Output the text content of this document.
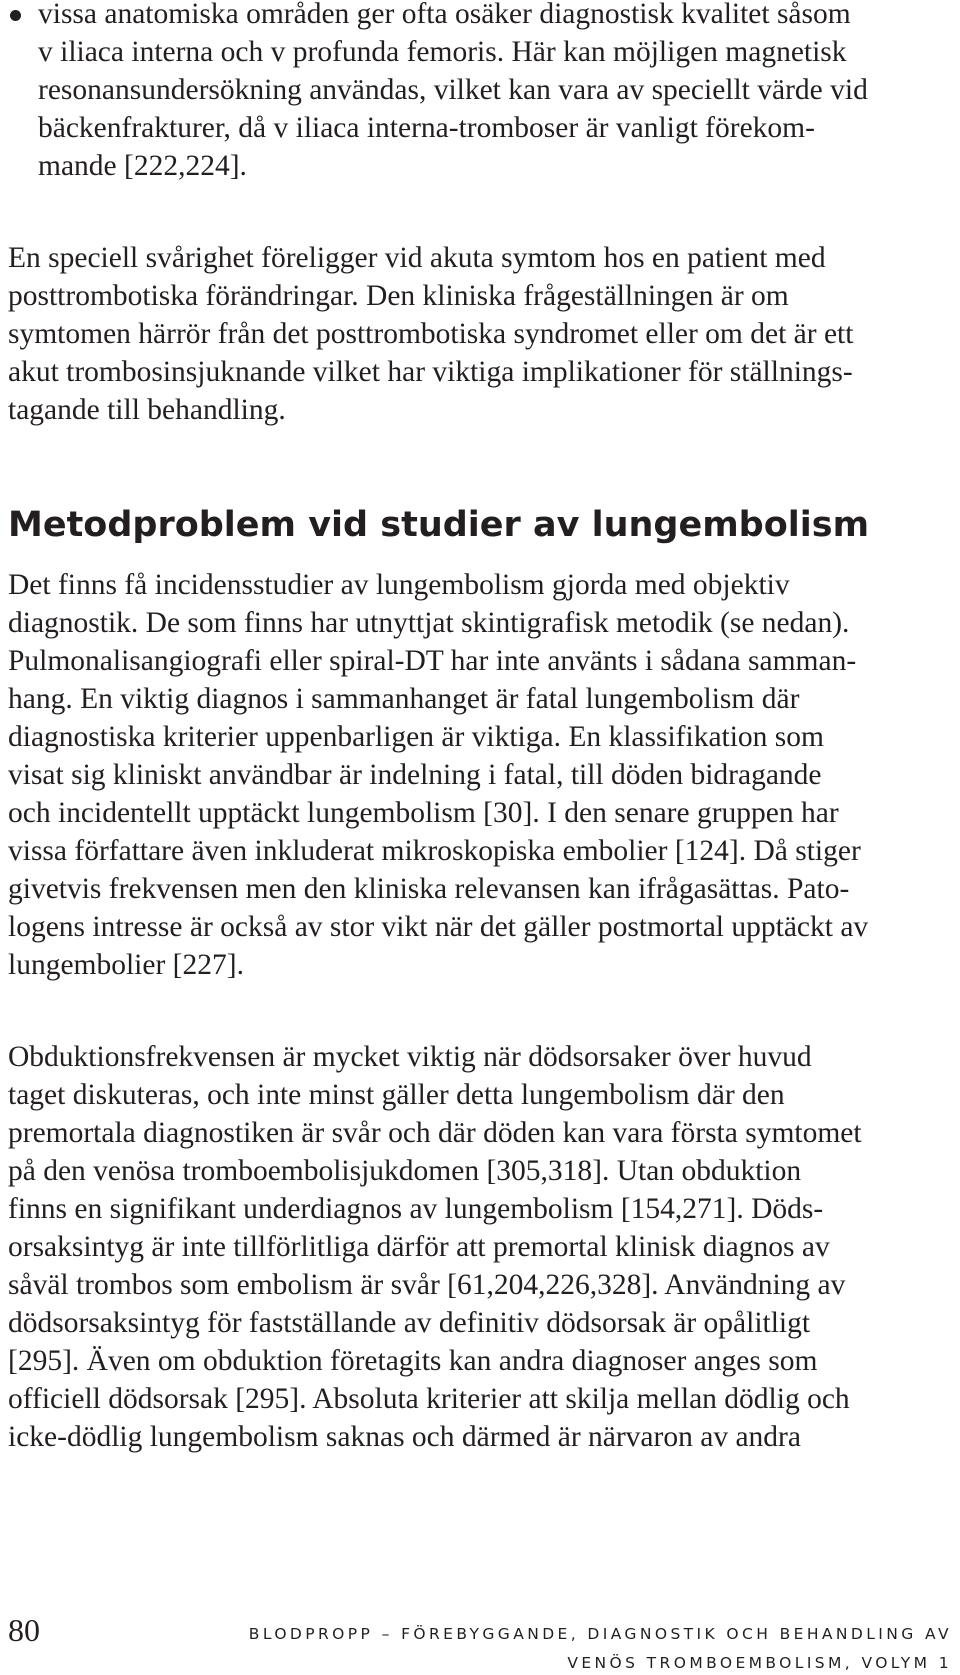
vissa anatomiska områden ger ofta osäker diagnostisk kvalitet såsom
v iliaca interna och v profunda femoris. Här kan möjligen magnetisk
resonansundersökning användas, vilket kan vara av speciellt värde vid
bäckenfrakturer, då v iliaca interna-tromboser är vanligt förekom-
mande [222,224].
En speciell svårighet föreligger vid akuta symtom hos en patient med
posttrombotiska förändringar. Den kliniska frågeställningen är om
symtomen härrör från det posttrombotiska syndromet eller om det är ett
akut trombosinsjuknande vilket har viktiga implikationer för ställnings-
tagande till behandling.
Metodproblem vid studier av lungembolism
Det finns få incidensstudier av lungembolism gjorda med objektiv
diagnostik. De som finns har utnyttjat skintigrafisk metodik (se nedan).
Pulmonalisangiografi eller spiral-DT har inte använts i sådana samman-
hang. En viktig diagnos i sammanhanget är fatal lungembolism där
diagnostiska kriterier uppenbarligen är viktiga. En klassifikation som
visat sig kliniskt användbar är indelning i fatal, till döden bidragande
och incidentellt upptäckt lungembolism [30]. I den senare gruppen har
vissa författare även inkluderat mikroskopiska embolier [124]. Då stiger
givetvis frekvensen men den kliniska relevansen kan ifrågasättas. Pato-
logens intresse är också av stor vikt när det gäller postmortal upptäckt av
lungembolier [227].
Obduktionsfrekvensen är mycket viktig när dödsorsaker över huvud
taget diskuteras, och inte minst gäller detta lungembolism där den
premortala diagnostiken är svår och där döden kan vara första symtomet
på den venösa tromboembolisjukdomen [305,318]. Utan obduktion
finns en signifikant underdiagnos av lungembolism [154,271]. Döds-
orsaksintyg är inte tillförlitliga därför att premortal klinisk diagnos av
såväl trombos som embolism är svår [61,204,226,328]. Användning av
dödsorsaksintyg för fastställande av definitiv dödsorsak är opålitligt
[295]. Även om obduktion företagits kan andra diagnoser anges som
officiell dödsorsak [295]. Absoluta kriterier att skilja mellan dödlig och
icke-dödlig lungembolism saknas och därmed är närvaron av andra
80	BLODPROPP – FÖREBYGGANDE, DIAGNOSTIK OCH BEHANDLING AV
VENÖS TROMBOEMBOLISM, VOLYM 1
